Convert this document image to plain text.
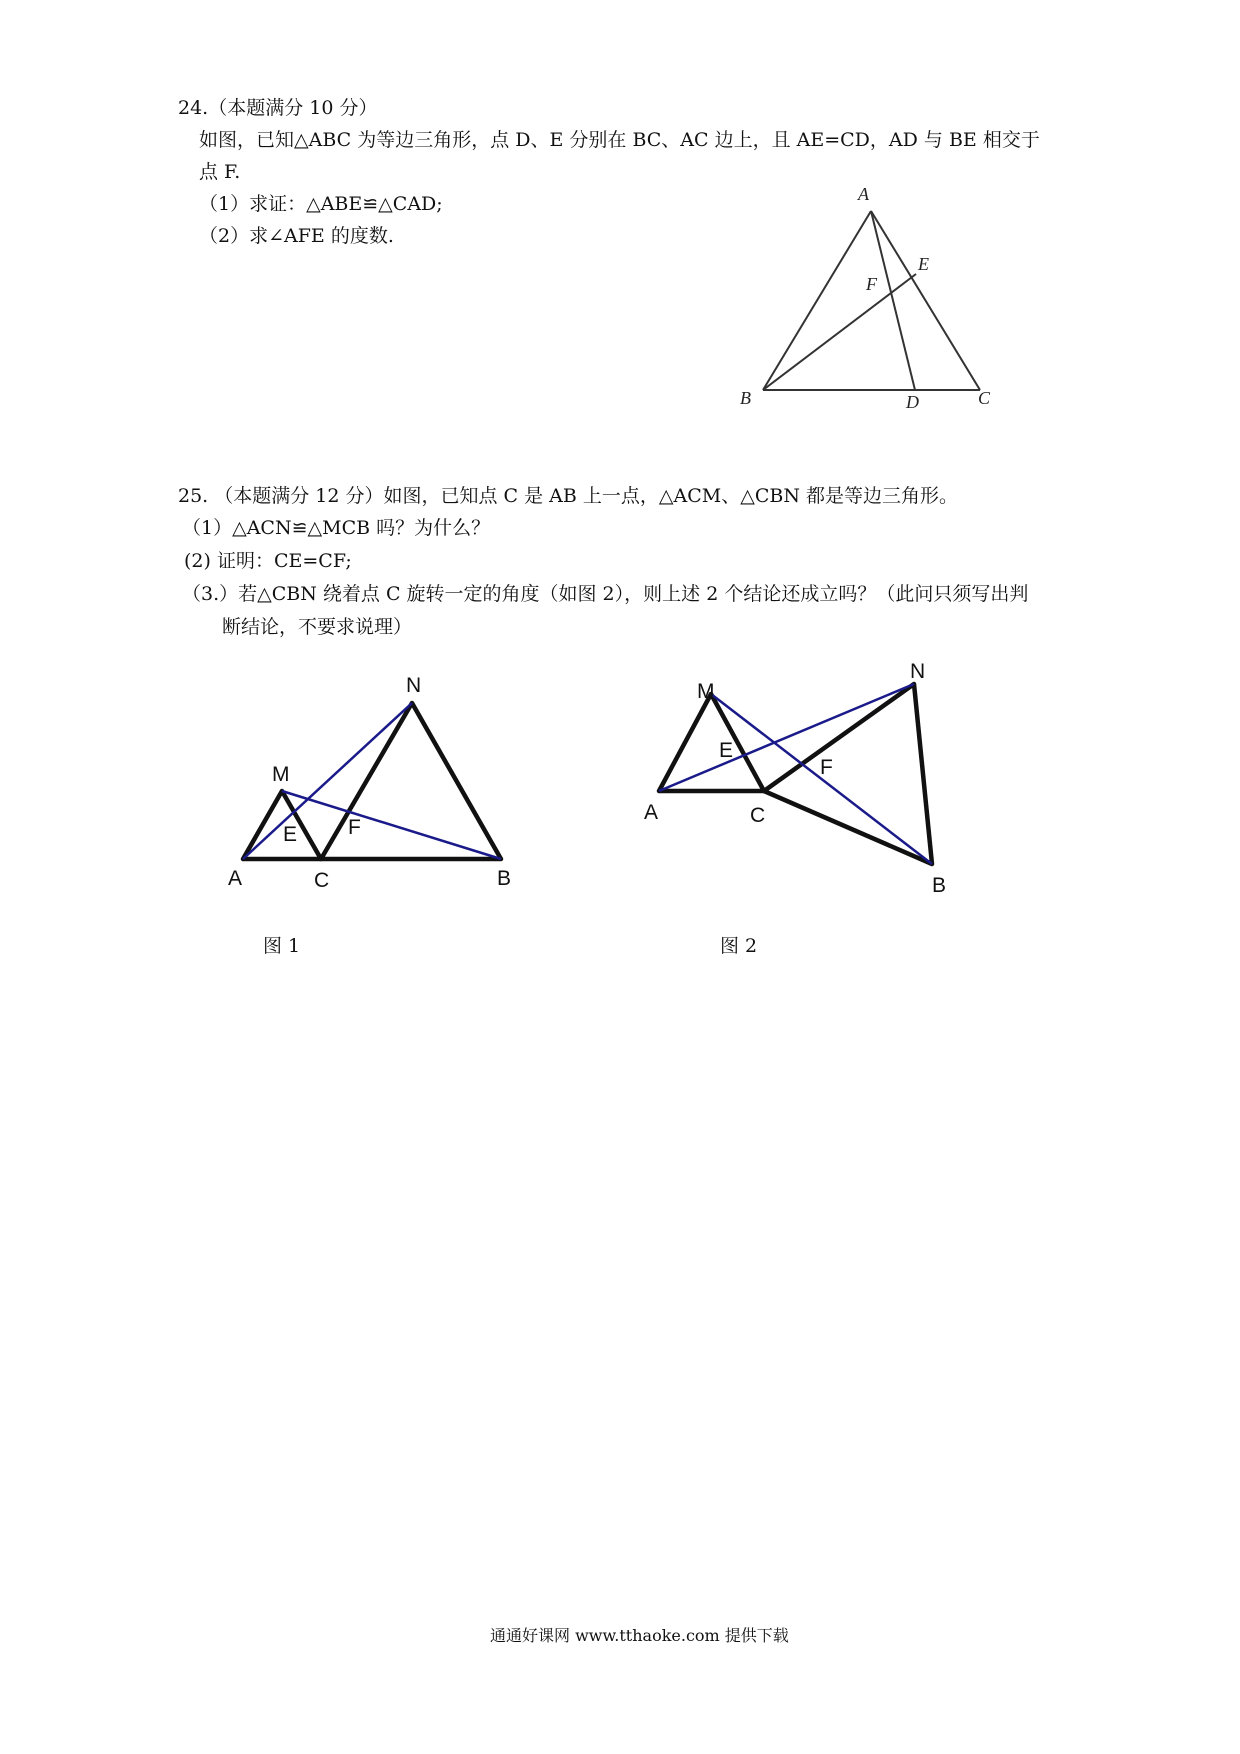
24.（本题满分 10 分）
如图，已知△ABC 为等边三角形，点 D、E 分别在 BC、AC 边上，且 AE=CD，AD 与 BE 相交于
点 F.
（1）求证：△ABE≌△CAD;
（2）求∠AFE 的度数.
A
B	C
D
E
F
25. （本题满分 12 分）如图，已知点 C 是 AB 上一点，△ACM、△CBN 都是等边三角形。
（1）△ACN≌△MCB 吗？为什么？
(2) 证明：CE=CF;
（3.）若△CBN 绕着点 C 旋转一定的角度（如图 2），则上述 2 个结论还成立吗？（此问只须写出判
断结论，不要求说理）
M
N
A	C	B
E F
图 1
M
N
A	C
B
E
F
图 2
通通好课网 www.tthaoke.com 提供下载
